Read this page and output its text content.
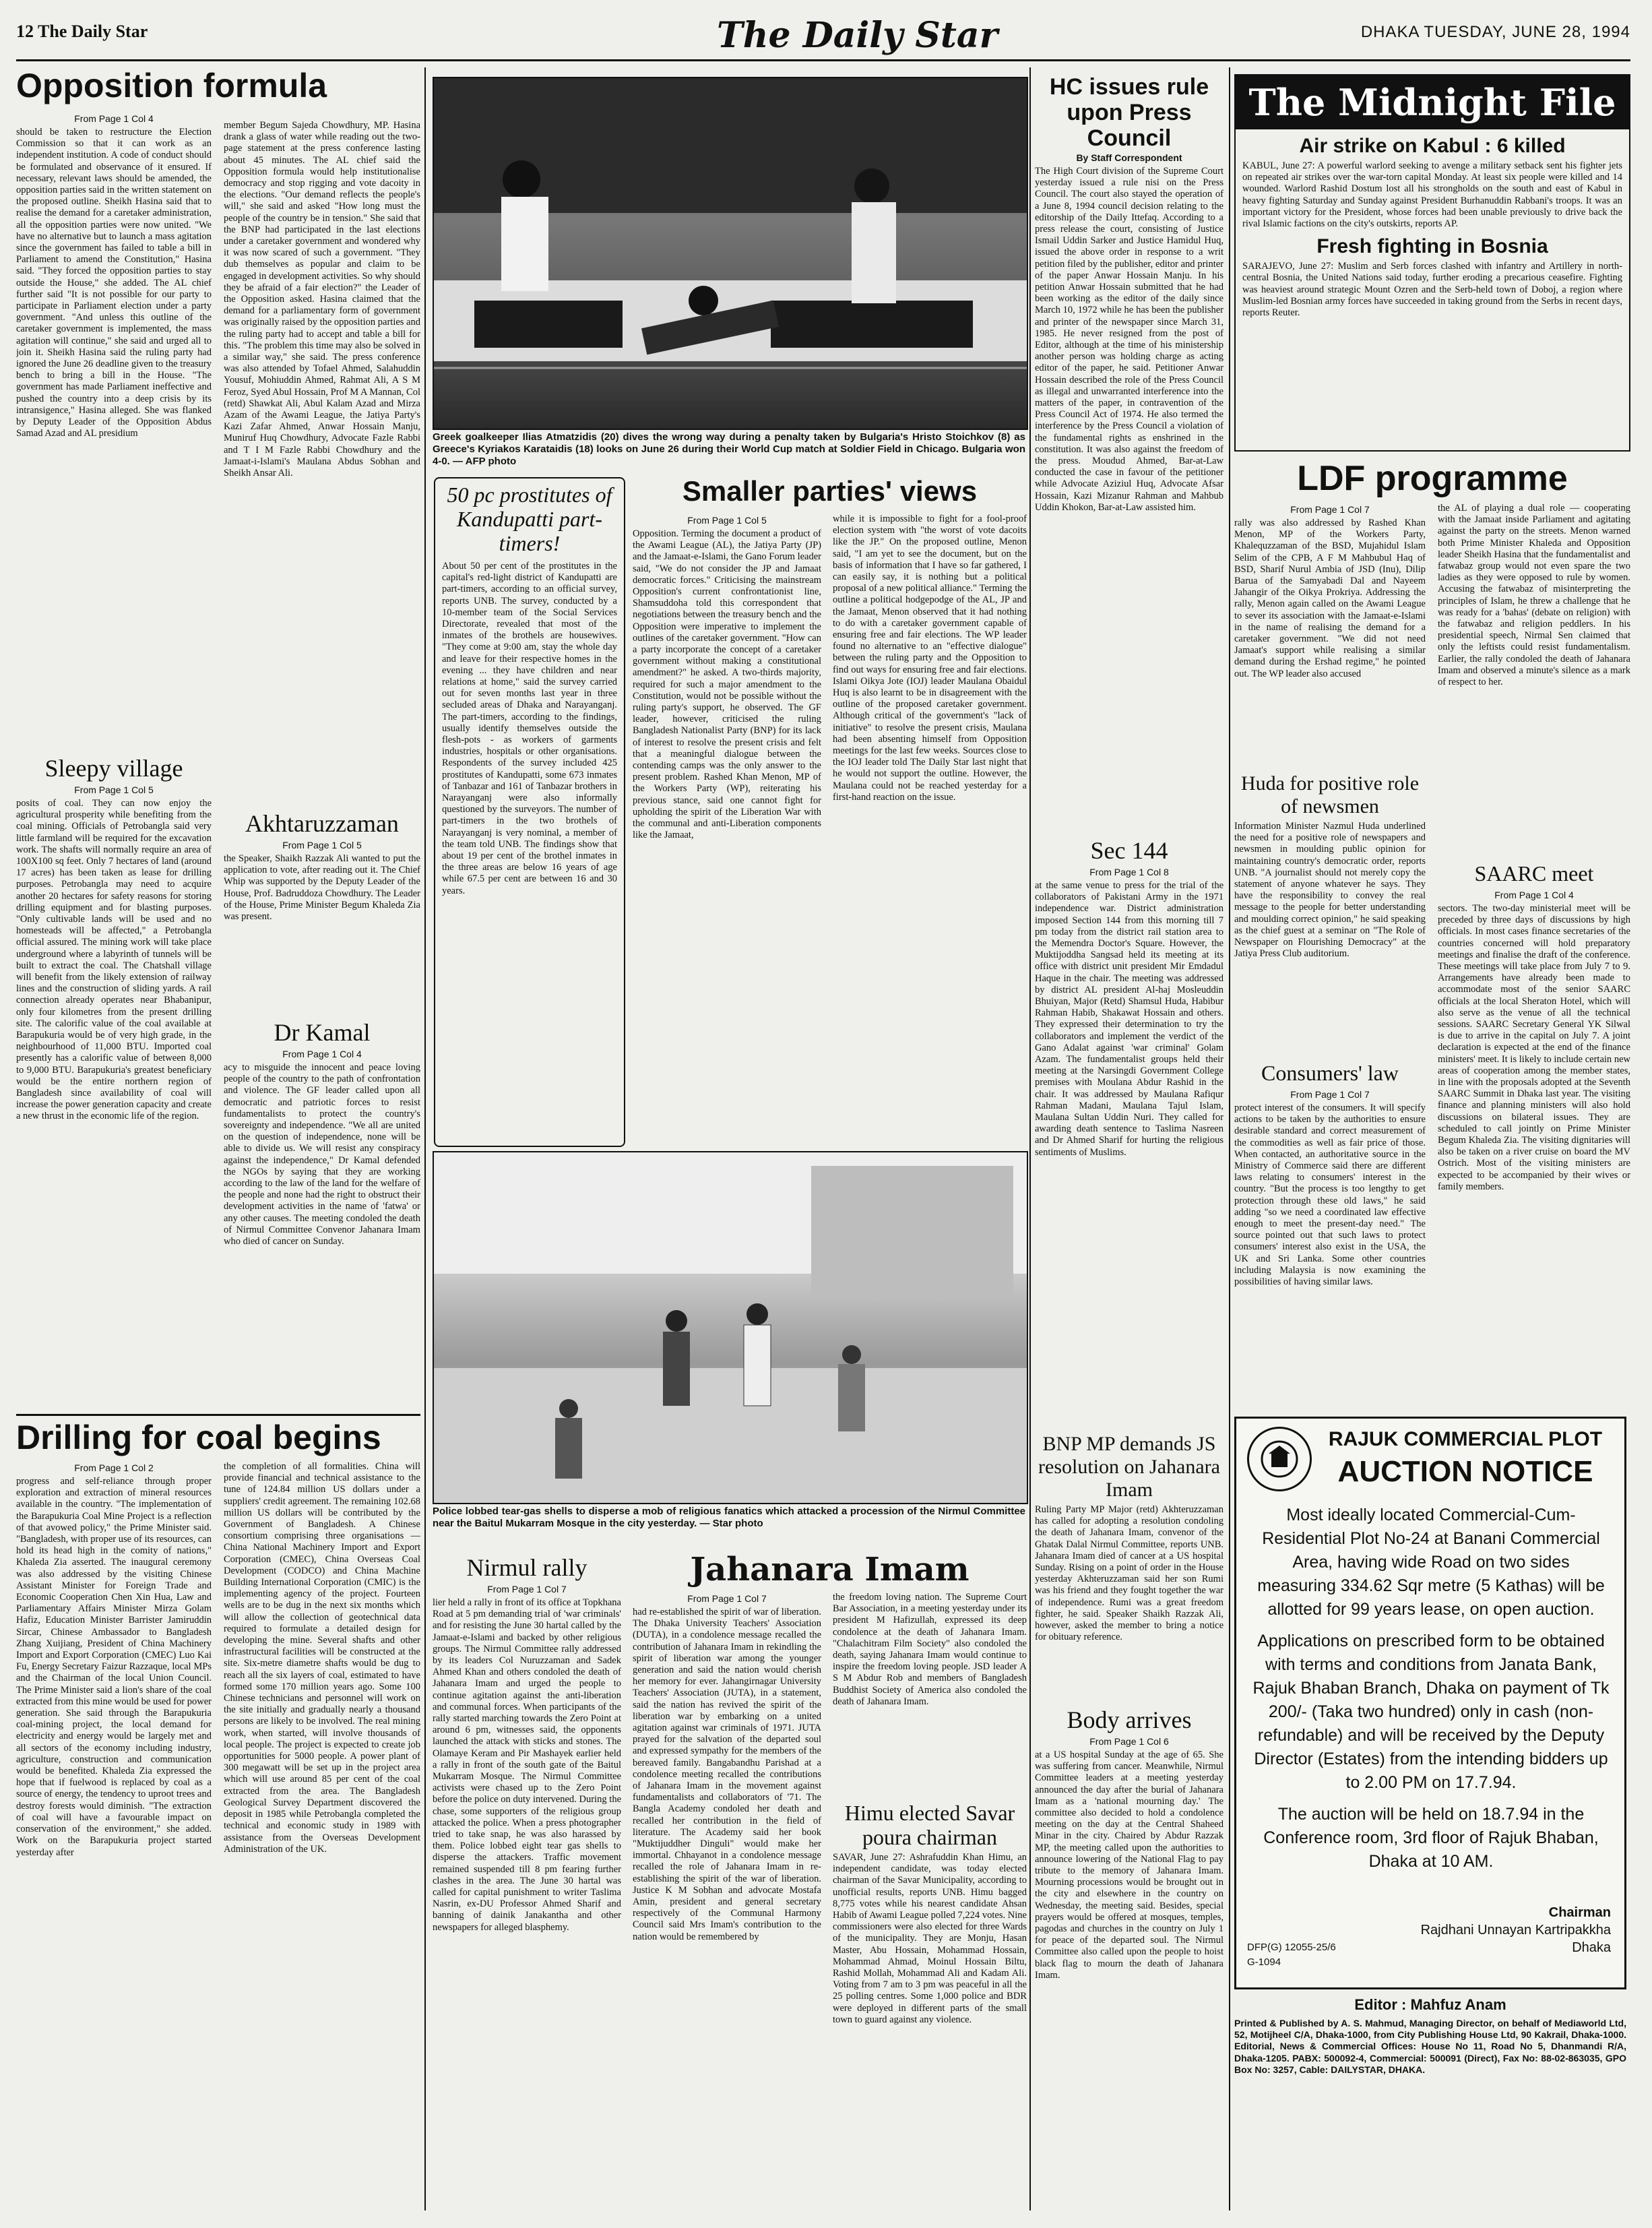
12 The Daily Star	The Daily Star	DHAKA TUESDAY, JUNE 28, 1994
Opposition formula
From Page 1 Col 4

should be taken to restructure the Election Commission so that it can work as an independent institution. A code of conduct should be formulated and observance of it ensured. If necessary, relevant laws should be amended, the opposition parties said in the written statement on the proposed outline. Sheikh Hasina said that to realise the demand for a caretaker administration, all the opposition parties were now united. "We have no alternative but to launch a mass agitation since the government has failed to table a bill in Parliament to amend the Constitution," Hasina said. "They forced the opposition parties to stay outside the House," she added. The AL chief further said "It is not possible for our party to participate in Parliament election under a party government. "And unless this outline of the caretaker government is implemented, the mass agitation will continue," she said and urged all to join it. Sheikh Hasina said the ruling party had ignored the June 26 deadline given to the treasury bench to bring a bill in the House. "The government has made Parliament ineffective and pushed the country into a deep crisis by its intransigence," Hasina alleged. She was flanked by Deputy Leader of the Opposition Abdus Samad Azad and AL presidium

member Begum Sajeda Chowdhury, MP. Hasina drank a glass of water while reading out the two-page statement at the press conference lasting about 45 minutes. The AL chief said the Opposition formula would help institutionalise democracy and stop rigging and vote dacoity in the elections. "Our demand reflects the people's will," she said and asked "How long must the people of the country be in tension." She said that the BNP had participated in the last elections under a caretaker government and wondered why it was now scared of such a government. "They dub themselves as popular and claim to be engaged in development activities. So why should they be afraid of a fair election?" the Leader of the Opposition asked. Hasina claimed that the demand for a parliamentary form of government was originally raised by the opposition parties and the ruling party had to accept and table a bill for this. "The problem this time may also be solved in a similar way," she said. The press conference was also attended by Tofael Ahmed, Salahuddin Yousuf, Mohiuddin Ahmed, Rahmat Ali, A S M Feroz, Syed Abul Hossain, Prof M A Mannan, Col (retd) Shawkat Ali, Abul Kalam Azad and Mirza Azam of the Awami League, the Jatiya Party's Kazi Zafar Ahmed, Anwar Hossain Manju, Muniruf Huq Chowdhury, Advocate Fazle Rabbi and T I M Fazle Rabbi Chowdhury and the Jamaat-i-Islami's Maulana Abdus Sobhan and Sheikh Ansar Ali.

Sleepy village
From Page 1 Col 5

posits of coal. They can now enjoy the agricultural prosperity while benefiting from the coal mining. Officials of Petrobangla said very little farmland will be required for the excavation work. The shafts will normally require an area of 100X100 sq feet. Only 7 hectares of land (around 17 acres) has been taken as lease for drilling purposes. Petrobangla may need to acquire another 20 hectares for safety reasons for storing drilling equipment and for blasting purposes. "Only cultivable lands will be used and no homesteads will be affected," a Petrobangla official assured. The mining work will take place underground where a labyrinth of tunnels will be built to extract the coal. The Chatshall village will benefit from the likely extension of railway lines and the construction of sliding yards. A rail connection already operates near Bhabanipur, only four kilometres from the present drilling site. The calorific value of the coal available at Barapukuria would be of very high grade, in the neighbourhood of 11,000 BTU. Imported coal presently has a calorific value of between 8,000 to 9,000 BTU. Barapukuria's greatest beneficiary would be the entire northern region of Bangladesh since availability of coal will increase the power generation capacity and create a new thrust in the economic life of the region.

Akhtaruzzaman
From Page 1 Col 5

the Speaker, Shaikh Razzak Ali wanted to put the application to vote, after reading out it. The Chief Whip was supported by the Deputy Leader of the House, Prof. Badruddoza Chowdhury. The Leader of the House, Prime Minister Begum Khaleda Zia was present.

Dr Kamal
From Page 1 Col 4

acy to misguide the innocent and peace loving people of the country to the path of confrontation and violence. The GF leader called upon all democratic and patriotic forces to resist fundamentalists to protect the country's sovereignty and independence. "We all are united on the question of independence, none will be able to divide us. We will resist any conspiracy against the independence," Dr Kamal defended the NGOs by saying that they are working according to the law of the land for the welfare of the people and none had the right to obstruct their development activities in the name of 'fatwa' or any other causes. The meeting condoled the death of Nirmul Committee Convenor Jahanara Imam who died of cancer on Sunday.

Drilling for coal begins
From Page 1 Col 2

progress and self-reliance through proper exploration and extraction of mineral resources available in the country. "The implementation of the Barapukuria Coal Mine Project is a reflection of that avowed policy," the Prime Minister said. "Bangladesh, with proper use of its resources, can hold its head high in the comity of nations," Khaleda Zia asserted. The inaugural ceremony was also addressed by the visiting Chinese Assistant Minister for Foreign Trade and Economic Cooperation Chen Xin Hua, Law and Parliamentary Affairs Minister Mirza Golam Hafiz, Education Minister Barrister Jamiruddin Sircar, Chinese Ambassador to Bangladesh Zhang Xuijiang, President of China Machinery Import and Export Corporation (CMEC) Luo Kai Fu, Energy Secretary Faizur Razzaque, local MPs and the Chairman of the local Union Council. The Prime Minister said a lion's share of the coal extracted from this mine would be used for power generation. She said through the Barapukuria coal-mining project, the local demand for electricity and energy would be largely met and all sectors of the economy including industry, agriculture, construction and communication would be benefited. Khaleda Zia expressed the hope that if fuelwood is replaced by coal as a source of energy, the tendency to uproot trees and destroy forests would diminish. "The extraction of coal will have a favourable impact on conservation of the environment," she added. Work on the Barapukuria project started yesterday after

the completion of all formalities. China will provide financial and technical assistance to the tune of 124.84 million US dollars under a suppliers' credit agreement. The remaining 102.68 million US dollars will be contributed by the Government of Bangladesh. A Chinese consortium comprising three organisations — China National Machinery Import and Export Corporation (CMEC), China Overseas Coal Development (CODCO) and China Machine Building International Corporation (CMIC) is the implementing agency of the project. Fourteen wells are to be dug in the next six months which will allow the collection of geotechnical data required to formulate a detailed design for developing the mine. Several shafts and other infrastructural facilities will be constructed at the site. Six-metre diametre shafts would be dug to reach all the six layers of coal, estimated to have formed some 170 million years ago. Some 100 Chinese technicians and personnel will work on the site initially and gradually nearly a thousand persons are likely to be involved. The real mining work, when started, will involve thousands of local people. The project is expected to create job opportunities for 5000 people. A power plant of 300 megawatt will be set up in the project area which will use around 85 per cent of the coal extracted from the area. The Bangladesh Geological Survey Department discovered the deposit in 1985 while Petrobangla completed the technical and economic study in 1989 with assistance from the Overseas Development Administration of the UK.

Greek goalkeeper Ilias Atmatzidis (20) dives the wrong way during a penalty taken by Bulgaria's Hristo Stoichkov (8) as Greece's Kyriakos Karataidis (18) looks on June 26 during their World Cup match at Soldier Field in Chicago. Bulgaria won 4-0. — AFP photo
50 pc prostitutes of Kandupatti part-timers!

About 50 per cent of the prostitutes in the capital's red-light district of Kandupatti are part-timers, according to an official survey, reports UNB. The survey, conducted by a 10-member team of the Social Services Directorate, revealed that most of the inmates of the brothels are housewives. "They come at 9:00 am, stay the whole day and leave for their respective homes in the evening ... they have children and near relations at home," said the survey carried out for seven months last year in three secluded areas of Dhaka and Narayanganj. The part-timers, according to the findings, usually identify themselves outside the flesh-pots - as workers of garments industries, hospitals or other organisations. Respondents of the survey included 425 prostitutes of Kandupatti, some 673 inmates of Tanbazar and 161 of Tanbazar brothers in Narayanganj were also informally questioned by the surveyors. The number of part-timers in the two brothels of Narayanganj is very nominal, a member of the team told UNB. The findings show that about 19 per cent of the brothel inmates in the three areas are below 16 years of age while 67.5 per cent are between 16 and 30 years.

Smaller parties' views
From Page 1 Col 5

Opposition. Terming the document a product of the Awami League (AL), the Jatiya Party (JP) and the Jamaat-e-Islami, the Gano Forum leader said, "We do not consider the JP and Jamaat democratic forces." Criticising the mainstream Opposition's current confrontationist line, Shamsuddoha told this correspondent that negotiations between the treasury bench and the Opposition were imperative to implement the outlines of the caretaker government. "How can a party incorporate the concept of a caretaker government without making a constitutional amendment?" he asked. A two-thirds majority, required for such a major amendment to the Constitution, would not be possible without the ruling party's support, he observed. The GF leader, however, criticised the ruling Bangladesh Nationalist Party (BNP) for its lack of interest to resolve the present crisis and felt that a meaningful dialogue between the contending camps was the only answer to the present problem. Rashed Khan Menon, MP of the Workers Party (WP), reiterating his previous stance, said one cannot fight for upholding the spirit of the Liberation War with the communal and anti-Liberation components like the Jamaat,

while it is impossible to fight for a fool-proof election system with "the worst of vote dacoits like the JP." On the proposed outline, Menon said, "I am yet to see the document, but on the basis of information that I have so far gathered, I can easily say, it is nothing but a political proposal of a new political alliance." Terming the outline a political hodgepodge of the AL, JP and the Jamaat, Menon observed that it had nothing to do with a caretaker government capable of ensuring free and fair elections. The WP leader found no alternative to an "effective dialogue" between the ruling party and the Opposition to find out ways for ensuring free and fair elections. Islami Oikya Jote (IOJ) leader Maulana Obaidul Huq is also learnt to be in disagreement with the outline of the proposed caretaker government. Although critical of the government's "lack of initiative" to resolve the present crisis, Maulana had been absenting himself from Opposition meetings for the last few weeks. Sources close to the IOJ leader told The Daily Star last night that he would not support the outline. However, the Maulana could not be reached yesterday for a first-hand reaction on the issue.

Police lobbed tear-gas shells to disperse a mob of religious fanatics which attacked a procession of the Nirmul Committee near the Baitul Mukarram Mosque in the city yesterday. — Star photo
Nirmul rally
From Page 1 Col 7

lier held a rally in front of its office at Topkhana Road at 5 pm demanding trial of 'war criminals' and for resisting the June 30 hartal called by the Jamaat-e-Islami and backed by other religious groups. The Nirmul Committee rally addressed by its leaders Col Nuruzzaman and Sadek Ahmed Khan and others condoled the death of Jahanara Imam and urged the people to continue agitation against the anti-liberation and communal forces. When participants of the rally started marching towards the Zero Point at around 6 pm, witnesses said, the opponents launched the attack with sticks and stones. The Olamaye Keram and Pir Mashayek earlier held a rally in front of the south gate of the Baitul Mukarram Mosque. The Nirmul Committee activists were chased up to the Zero Point before the police on duty intervened. During the chase, some supporters of the religious group attacked the police. When a press photographer tried to take snap, he was also harassed by them. Police lobbed eight tear gas shells to disperse the attackers. Traffic movement remained suspended till 8 pm fearing further clashes in the area. The June 30 hartal was called for capital punishment to writer Taslima Nasrin, ex-DU Professor Ahmed Sharif and banning of dainik Janakantha and other newspapers for alleged blasphemy.

Jahanara Imam
From Page 1 Col 7

had re-established the spirit of war of liberation. The Dhaka University Teachers' Association (DUTA), in a condolence message recalled the contribution of Jahanara Imam in rekindling the spirit of liberation war among the younger generation and said the nation would cherish her memory for ever. Jahangirnagar University Teachers' Association (JUTA), in a statement, said the nation has revived the spirit of the liberation war by embarking on a united agitation against war criminals of 1971. JUTA prayed for the salvation of the departed soul and expressed sympathy for the members of the bereaved family. Bangabandhu Parishad at a condolence meeting recalled the contributions of Jahanara Imam in the movement against fundamentalists and collaborators of '71. The Bangla Academy condoled her death and recalled her contribution in the field of literature. The Academy said her book "Muktijuddher Dinguli" would make her immortal. Chhayanot in a condolence message recalled the role of Jahanara Imam in re-establishing the spirit of the war of liberation. Justice K M Sobhan and advocate Mostafa Amin, president and general secretary respectively of the Communal Harmony Council said Mrs Imam's contribution to the nation would be remembered by

the freedom loving nation. The Supreme Court Bar Association, in a meeting yesterday under its president M Hafizullah, expressed its deep condolence at the death of Jahanara Imam. "Chalachitram Film Society" also condoled the death, saying Jahanara Imam would continue to inspire the freedom loving people. JSD leader A S M Abdur Rob and members of Bangladesh Buddhist Society of America also condoled the death of Jahanara Imam.

Himu elected Savar poura chairman

SAVAR, June 27: Ashrafuddin Khan Himu, an independent candidate, was today elected chairman of the Savar Municipality, according to unofficial results, reports UNB. Himu bagged 8,775 votes while his nearest candidate Ahsan Habib of Awami League polled 7,224 votes. Nine commissioners were also elected for three Wards of the municipality. They are Monju, Hasan Master, Abu Hossain, Mohammad Hossain, Mohammad Ahmad, Moinul Hossain Biltu, Rashid Mollah, Mohammad Ali and Kadam Ali. Voting from 7 am to 3 pm was peaceful in all the 25 polling centres. Some 1,000 police and BDR were deployed in different parts of the small town to guard against any violence.

HC issues rule upon Press Council
By Staff Correspondent

The High Court division of the Supreme Court yesterday issued a rule nisi on the Press Council. The court also stayed the operation of a June 8, 1994 council decision relating to the editorship of the Daily Ittefaq. According to a press release the court, consisting of Justice Ismail Uddin Sarker and Justice Hamidul Huq, issued the above order in response to a writ petition filed by the publisher, editor and printer of the paper Anwar Hossain Manju. In his petition Anwar Hossain submitted that he had been working as the editor of the daily since March 10, 1972 while he has been the publisher and printer of the newspaper since March 31, 1985. He never resigned from the post of Editor, although at the time of his ministership another person was holding charge as acting editor of the paper, he said. Petitioner Anwar Hossain described the role of the Press Council as illegal and unwarranted interference into the matters of the paper, in contravention of the Press Council Act of 1974. He also termed the interference by the Press Council a violation of the fundamental rights as enshrined in the constitution. It was also against the freedom of the press. Moudud Ahmed, Bar-at-Law conducted the case in favour of the petitioner while Advocate Aziziul Huq, Advocate Afsar Hossain, Kazi Mizanur Rahman and Mahbub Uddin Khokon, Bar-at-Law assisted him.

Sec 144
From Page 1 Col 8

at the same venue to press for the trial of the collaborators of Pakistani Army in the 1971 independence war. District administration imposed Section 144 from this morning till 7 pm today from the district rail station area to the Memendra Doctor's Square. However, the Muktijoddha Sangsad held its meeting at its office with district unit president Mir Emdadul Haque in the chair. The meeting was addressed by district AL president Al-haj Mosleuddin Bhuiyan, Major (Retd) Shamsul Huda, Habibur Rahman Habib, Shakawat Hossain and others. They expressed their determination to try the collaborators and implement the verdict of the Gano Adalat against 'war criminal' Golam Azam. The fundamentalist groups held their meeting at the Narsingdi Government College premises with Moulana Abdur Rashid in the chair. It was addressed by Maulana Rafiqur Rahman Madani, Maulana Tajul Islam, Maulana Sultan Uddin Nuri. They called for awarding death sentence to Taslima Nasreen and Dr Ahmed Sharif for hurting the religious sentiments of Muslims.

BNP MP demands JS resolution on Jahanara Imam

Ruling Party MP Major (retd) Akhteruzzaman has called for adopting a resolution condoling the death of Jahanara Imam, convenor of the Ghatak Dalal Nirmul Committee, reports UNB. Jahanara Imam died of cancer at a US hospital Sunday. Rising on a point of order in the House yesterday Akhteruzzaman said her son Rumi was his friend and they fought together the war of independence. Rumi was a great freedom fighter, he said. Speaker Shaikh Razzak Ali, however, asked the member to bring a notice for obituary reference.

Body arrives
From Page 1 Col 6

at a US hospital Sunday at the age of 65. She was suffering from cancer. Meanwhile, Nirmul Committee leaders at a meeting yesterday announced the day after the burial of Jahanara Imam as a 'national mourning day.' The committee also decided to hold a condolence meeting on the day at the Central Shaheed Minar in the city. Chaired by Abdur Razzak MP, the meeting called upon the authorities to announce lowering of the National Flag to pay tribute to the memory of Jahanara Imam. Mourning processions would be brought out in the city and elsewhere in the country on Wednesday, the meeting said. Besides, special prayers would be offered at mosques, temples, pagodas and churches in the country on July 1 for peace of the departed soul. The Nirmul Committee also called upon the people to hoist black flag to mourn the death of Jahanara Imam.

The Midnight File
Air strike on Kabul : 6 killed

KABUL, June 27: A powerful warlord seeking to avenge a military setback sent his fighter jets on repeated air strikes over the war-torn capital Monday. At least six people were killed and 14 wounded. Warlord Rashid Dostum lost all his strongholds on the south and east of Kabul in heavy fighting Saturday and Sunday against President Burhanuddin Rabbani's troops. It was an important victory for the President, whose forces had been unable previously to drive back the rival Islamic factions on the city's outskirts, reports AP.

Fresh fighting in Bosnia

SARAJEVO, June 27: Muslim and Serb forces clashed with infantry and Artillery in north-central Bosnia, the United Nations said today, further eroding a precarious ceasefire. Fighting was heaviest around strategic Mount Ozren and the Serb-held town of Doboj, a region where Muslim-led Bosnian army forces have succeeded in taking ground from the Serbs in recent days, reports Reuter.

LDF programme
From Page 1 Col 7

rally was also addressed by Rashed Khan Menon, MP of the Workers Party, Khalequzzaman of the BSD, Mujahidul Islam Selim of the CPB, A F M Mahbubul Haq of BSD, Sharif Nurul Ambia of JSD (Inu), Dilip Barua of the Samyabadi Dal and Nayeem Jahangir of the Oikya Prokriya. Addressing the rally, Menon again called on the Awami League to sever its association with the Jamaat-e-Islami in the name of realising the demand for a caretaker government. "We did not need Jamaat's support while realising a similar demand during the Ershad regime," he pointed out. The WP leader also accused

the AL of playing a dual role — cooperating with the Jamaat inside Parliament and agitating against the party on the streets. Menon warned both Prime Minister Khaleda and Opposition leader Sheikh Hasina that the fundamentalist and fatwabaz group would not even spare the two ladies as they were opposed to rule by women. Accusing the fatwabaz of misinterpreting the principles of Islam, he threw a challenge that he was ready for a 'bahas' (debate on religion) with the fatwabaz and religion peddlers. In his presidential speech, Nirmal Sen claimed that only the leftists could resist fundamentalism. Earlier, the rally condoled the death of Jahanara Imam and observed a minute's silence as a mark of respect to her.

Huda for positive role of newsmen

Information Minister Nazmul Huda underlined the need for a positive role of newspapers and newsmen in moulding public opinion for maintaining country's democratic order, reports UNB. "A journalist should not merely copy the statement of anyone whatever he says. They have the responsibility to convey the real message to the people for better understanding and moulding correct opinion," he said speaking as the chief guest at a seminar on "The Role of Newspaper on Flourishing Democracy" at the Jatiya Press Club auditorium.

Consumers' law
From Page 1 Col 7

protect interest of the consumers. It will specify actions to be taken by the authorities to ensure desirable standard and correct measurement of the commodities as well as fair price of those. When contacted, an authoritative source in the Ministry of Commerce said there are different laws relating to consumers' interest in the country. "But the process is too lengthy to get protection through these old laws," he said adding "so we need a coordinated law effective enough to meet the present-day need." The source pointed out that such laws to protect consumers' interest also exist in the USA, the UK and Sri Lanka. Some other countries including Malaysia is now examining the possibilities of having similar laws.

SAARC meet
From Page 1 Col 4

sectors. The two-day ministerial meet will be preceded by three days of discussions by high officials. In most cases finance secretaries of the countries concerned will hold preparatory meetings and finalise the draft of the conference. These meetings will take place from July 7 to 9. Arrangements have already been made to accommodate most of the senior SAARC officials at the local Sheraton Hotel, which will also serve as the venue of all the technical sessions. SAARC Secretary General YK Silwal is due to arrive in the capital on July 7. A joint declaration is expected at the end of the finance ministers' meet. It is likely to include certain new areas of cooperation among the member states, in line with the proposals adopted at the Seventh SAARC Summit in Dhaka last year. The visiting finance and planning ministers will also hold discussions on bilateral issues. They are scheduled to call jointly on Prime Minister Begum Khaleda Zia. The visiting dignitaries will also be taken on a river cruise on board the MV Ostrich. Most of the visiting ministers are expected to be accompanied by their wives or family members.

RAJUK COMMERCIAL PLOT
AUCTION NOTICE

Most ideally located Commercial-Cum-Residential Plot No-24 at Banani Commercial Area, having wide Road on two sides measuring 334.62 Sqr metre (5 Kathas) will be allotted for 99 years lease, on open auction.

Applications on prescribed form to be obtained with terms and conditions from Janata Bank, Rajuk Bhaban Branch, Dhaka on payment of Tk 200/- (Taka two hundred) only in cash (non-refundable) and will be received by the Deputy Director (Estates) from the intending bidders up to 2.00 PM on 17.7.94.

The auction will be held on 18.7.94 in the Conference room, 3rd floor of Rajuk Bhaban, Dhaka at 10 AM.

Chairman
Rajdhani Unnayan Kartripakkha
Dhaka
DFP(G) 12055-25/6
G-1094
Editor : Mahfuz Anam

Printed & Published by A. S. Mahmud, Managing Director, on behalf of Mediaworld Ltd, 52, Motijheel C/A, Dhaka-1000, from City Publishing House Ltd, 90 Kakrail, Dhaka-1000. Editorial, News & Commercial Offices: House No 11, Road No 5, Dhanmandi R/A, Dhaka-1205. PABX: 500092-4, Commercial: 500091 (Direct), Fax No: 88-02-863035, GPO Box No: 3257, Cable: DAILYSTAR, DHAKA.
